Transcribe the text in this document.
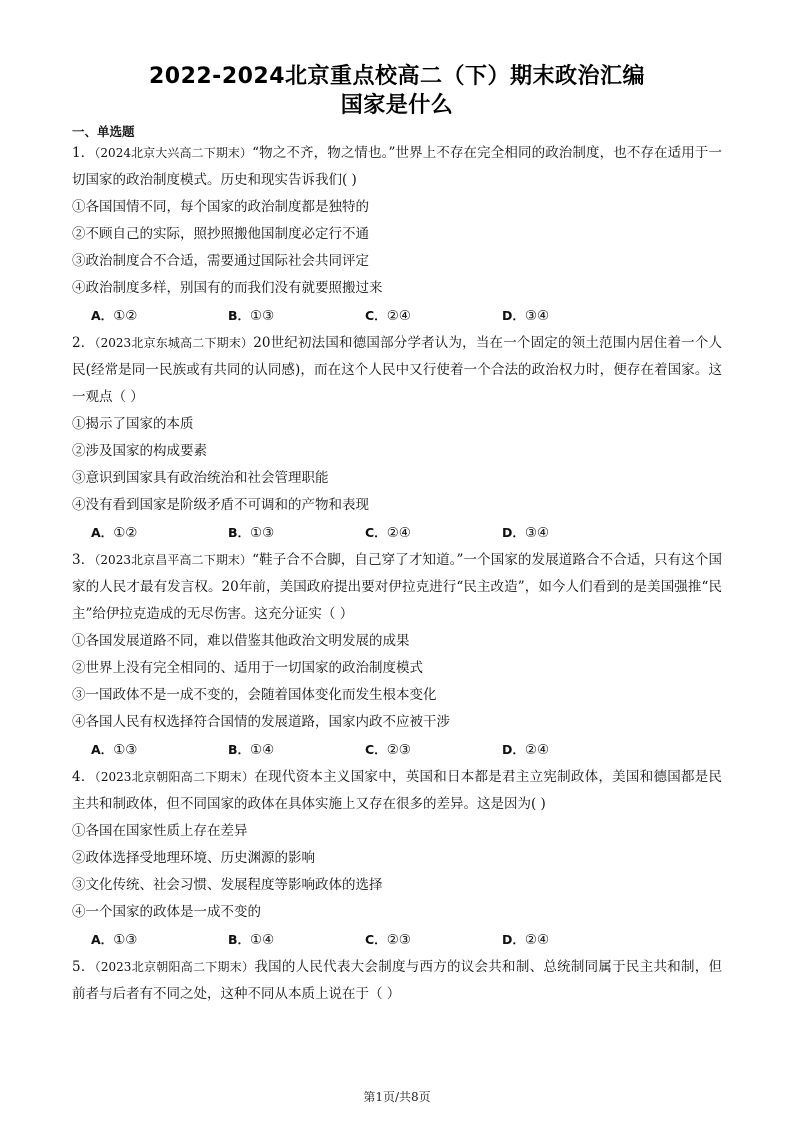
2022-2024北京重点校高二（下）期末政治汇编
国家是什么
一、单选题

1．（2024北京大兴高二下期末）“物之不齐，物之情也。”世界上不存在完全相同的政治制度，也不存在适用于一切国家的政治制度模式。历史和现实告诉我们( )

①各国国情不同，每个国家的政治制度都是独特的

②不顾自己的实际，照抄照搬他国制度必定行不通

③政治制度合不合适，需要通过国际社会共同评定

④政治制度多样，别国有的而我们没有就要照搬过来

A．①②	B．①③	C．②④	D．③④

2．（2023北京东城高二下期末）20世纪初法国和德国部分学者认为，当在一个固定的领土范围内居住着一个人民(经常是同一民族或有共同的认同感)，而在这个人民中又行使着一个合法的政治权力时，便存在着国家。这一观点（ ）

①揭示了国家的本质

②涉及国家的构成要素

③意识到国家具有政治统治和社会管理职能

④没有看到国家是阶级矛盾不可调和的产物和表现

A．①②	B．①③	C．②④	D．③④

3．（2023北京昌平高二下期末）“鞋子合不合脚，自己穿了才知道。”一个国家的发展道路合不合适，只有这个国家的人民才最有发言权。20年前，美国政府提出要对伊拉克进行“民主改造”，如今人们看到的是美国强推“民主”给伊拉克造成的无尽伤害。这充分证实（ ）

①各国发展道路不同，难以借鉴其他政治文明发展的成果

②世界上没有完全相同的、适用于一切国家的政治制度模式

③一国政体不是一成不变的，会随着国体变化而发生根本变化

④各国人民有权选择符合国情的发展道路，国家内政不应被干涉

A．①③	B．①④	C．②③	D．②④

4．（2023北京朝阳高二下期末）在现代资本主义国家中，英国和日本都是君主立宪制政体，美国和德国都是民主共和制政体，但不同国家的政体在具体实施上又存在很多的差异。这是因为( )

①各国在国家性质上存在差异

②政体选择受地理环境、历史渊源的影响

③文化传统、社会习惯、发展程度等影响政体的选择

④一个国家的政体是一成不变的

A．①③	B．①④	C．②③	D．②④

5．（2023北京朝阳高二下期末）我国的人民代表大会制度与西方的议会共和制、总统制同属于民主共和制，但前者与后者有不同之处，这种不同从本质上说在于（ ）

第1页/共8页
